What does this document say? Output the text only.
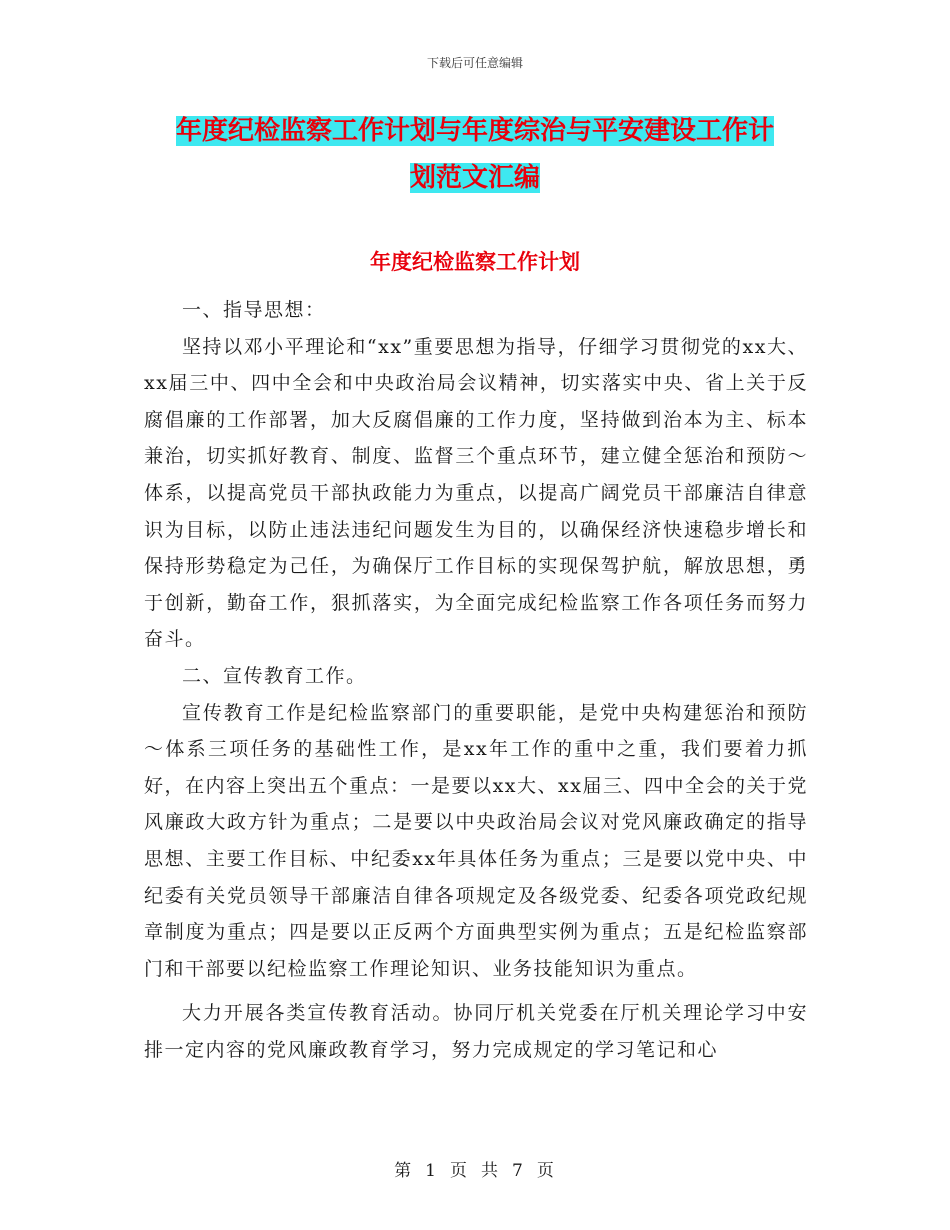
下载后可任意编辑
年度纪检监察工作计划与年度综治与平安建设工作计
划范文汇编
年度纪检监察工作计划

一、指导思想：

坚持以邓小平理论和“xx”重要思想为指导，仔细学习贯彻党的xx大、xx届三中、四中全会和中央政治局会议精神，切实落实中央、省上关于反腐倡廉的工作部署，加大反腐倡廉的工作力度，坚持做到治本为主、标本兼治，切实抓好教育、制度、监督三个重点环节，建立健全惩治和预防～体系，以提高党员干部执政能力为重点，以提高广阔党员干部廉洁自律意识为目标，以防止违法违纪问题发生为目的，以确保经济快速稳步增长和保持形势稳定为己任，为确保厅工作目标的实现保驾护航，解放思想，勇于创新，勤奋工作，狠抓落实，为全面完成纪检监察工作各项任务而努力奋斗。

二、宣传教育工作。

宣传教育工作是纪检监察部门的重要职能，是党中央构建惩治和预防～体系三项任务的基础性工作，是xx年工作的重中之重，我们要着力抓好，在内容上突出五个重点：一是要以xx大、xx届三、四中全会的关于党风廉政大政方针为重点；二是要以中央政治局会议对党风廉政确定的指导思想、主要工作目标、中纪委xx年具体任务为重点；三是要以党中央、中纪委有关党员领导干部廉洁自律各项规定及各级党委、纪委各项党政纪规章制度为重点；四是要以正反两个方面典型实例为重点；五是纪检监察部门和干部要以纪检监察工作理论知识、业务技能知识为重点。

大力开展各类宣传教育活动。协同厅机关党委在厅机关理论学习中安排一定内容的党风廉政教育学习，努力完成规定的学习笔记和心

第 1 页 共 7 页
